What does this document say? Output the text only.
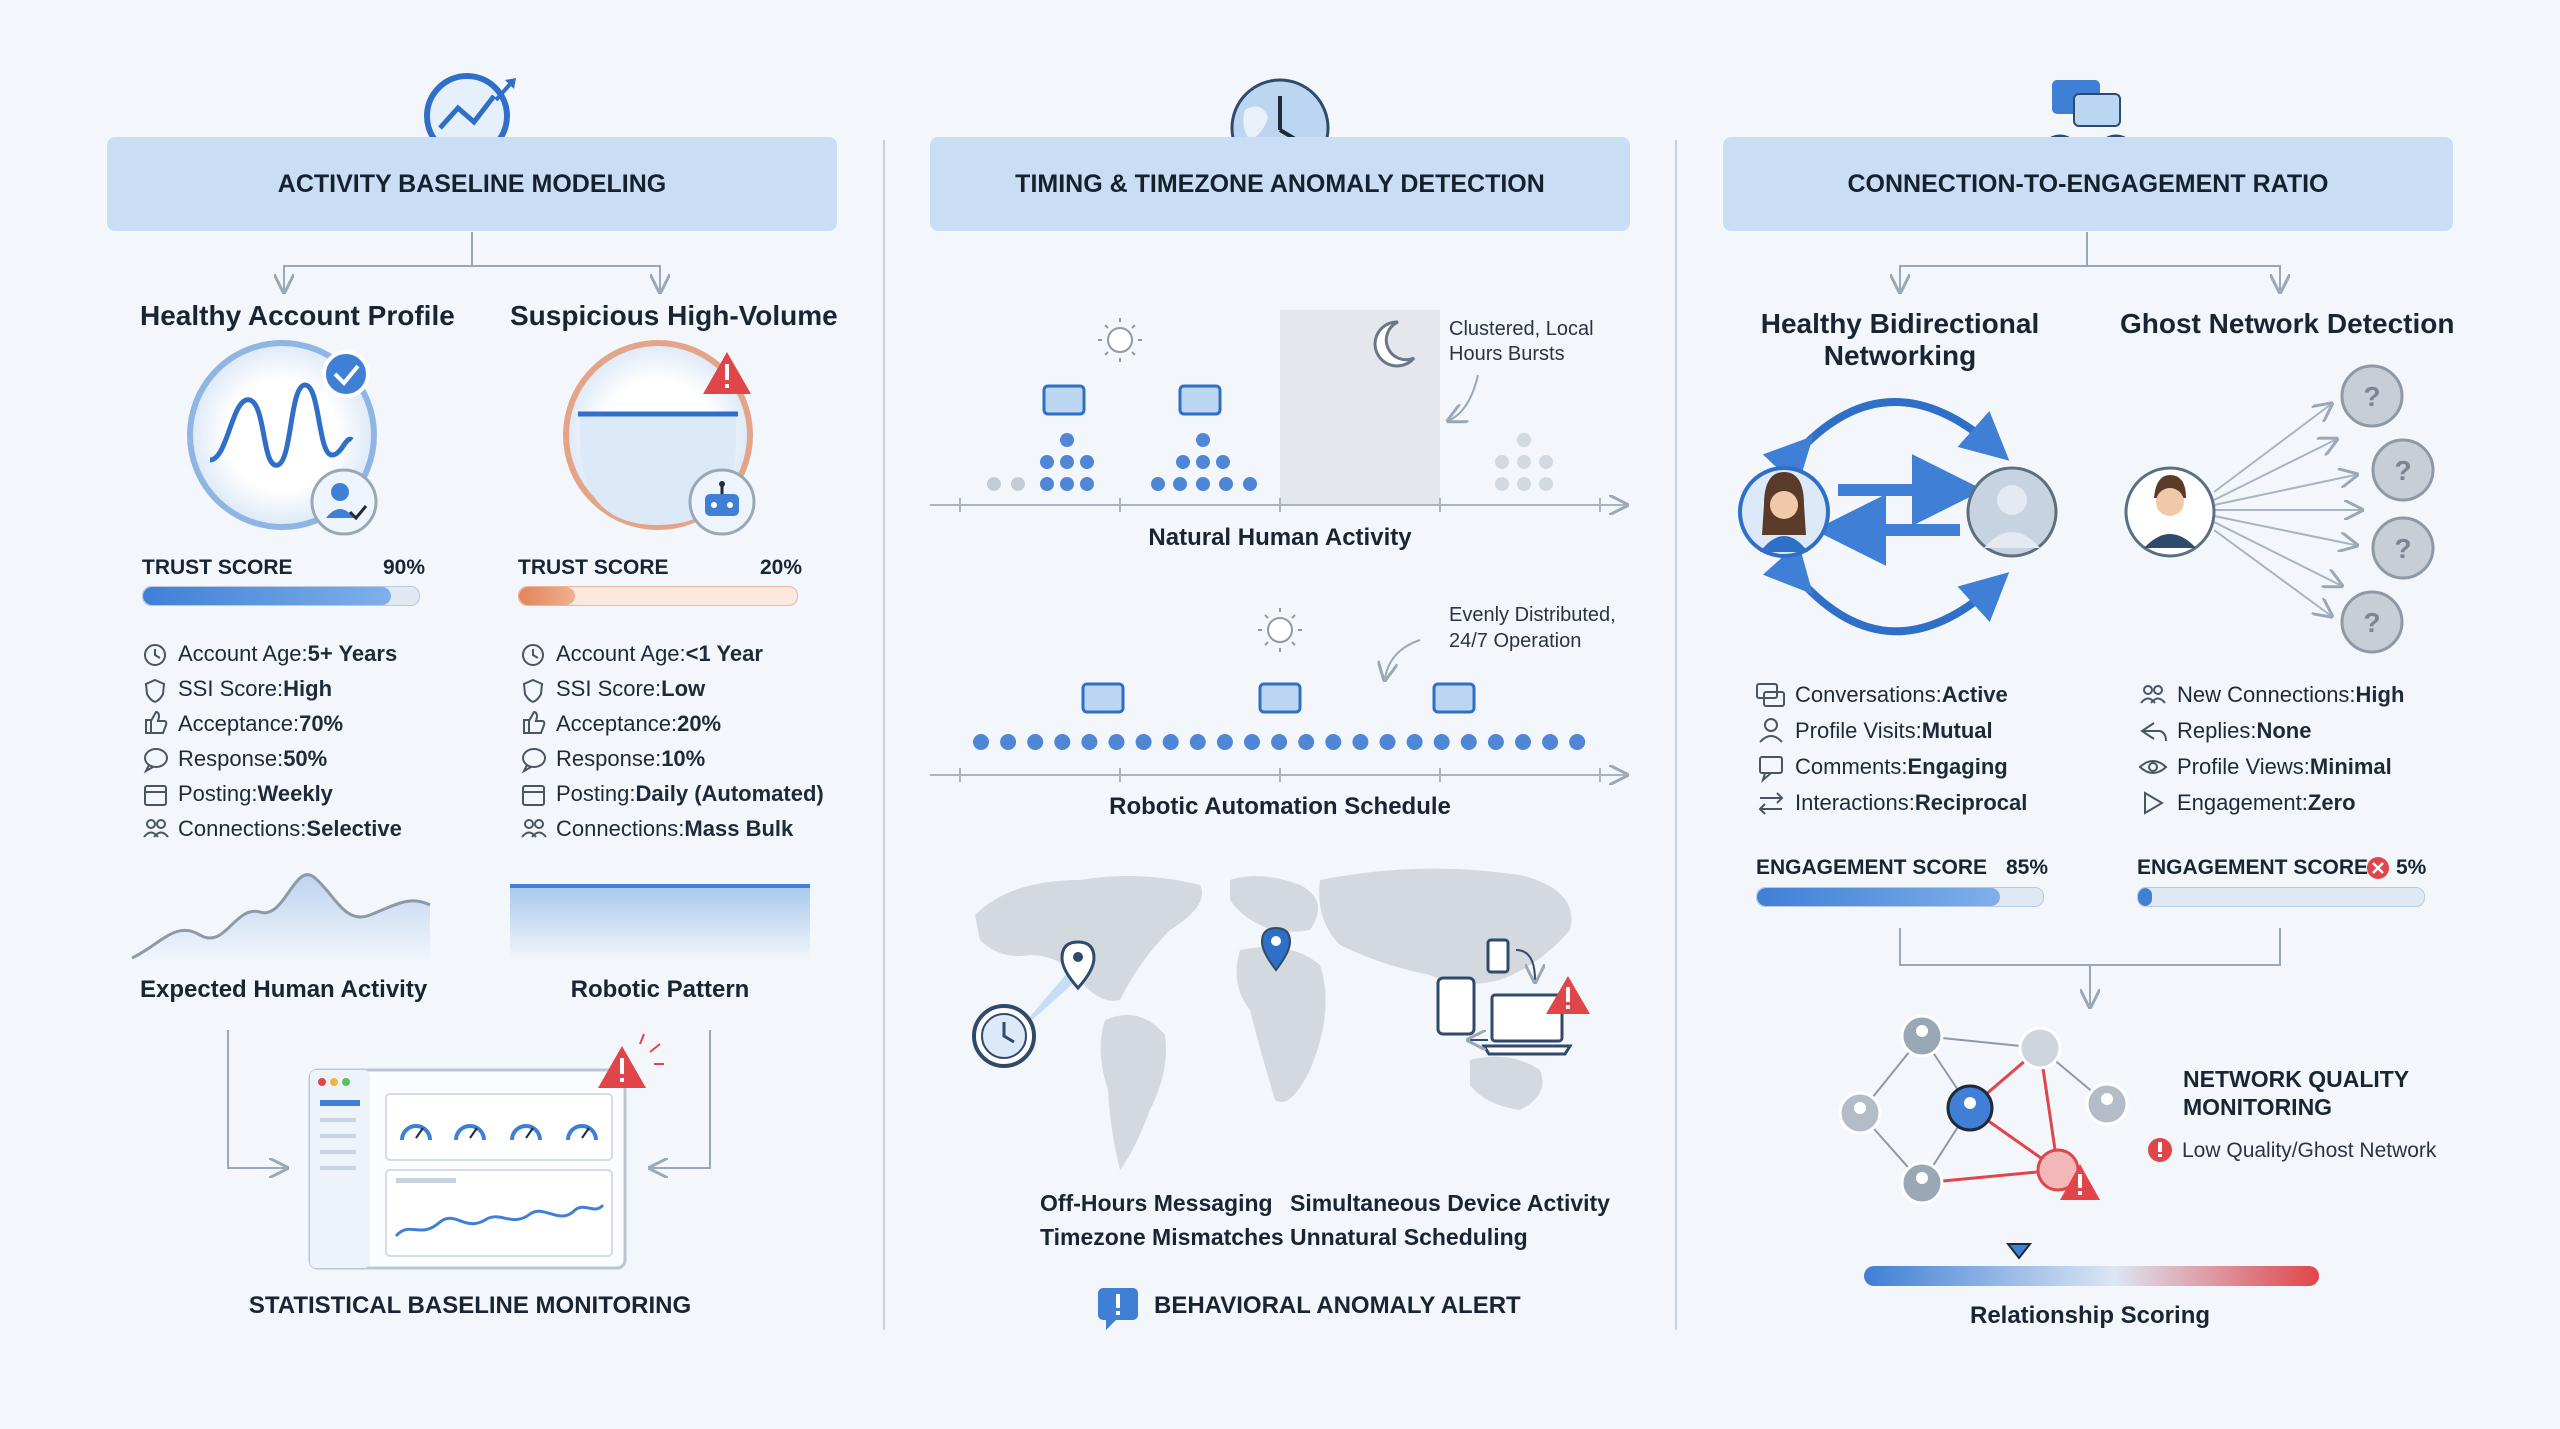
?
?
?
?
ACTIVITY BASELINE MODELING
Healthy Account Profile Suspicious High-Volume
TRUST SCORE	90%	TRUST SCORE	20%
Account Age: 5+ Years
SSI Score: High
Acceptance: 70%
Response: 50%
Posting: Weekly
Connections: Selective
Account Age: <1 Year
SSI Score: Low
Acceptance: 20%
Response: 10%
Posting: Daily (Automated)
Connections: Mass Bulk
Expected Human Activity	Robotic Pattern
STATISTICAL BASELINE MONITORING
TIMING & TIMEZONE ANOMALY DETECTION
Clustered, Local
Hours Bursts
Natural Human Activity
Evenly Distributed,
24/7 Operation
Robotic Automation Schedule
Off-Hours Messaging
Timezone Mismatches
Simultaneous Device Activity
Unnatural Scheduling
BEHAVIORAL ANOMALY ALERT
CONNECTION-TO-ENGAGEMENT RATIO
Healthy Bidirectional
Networking
Ghost Network Detection
Conversations: Active
Profile Visits: Mutual
Comments: Engaging
Interactions: Reciprocal
New Connections: High
Replies: None
Profile Views: Minimal
Engagement: Zero
ENGAGEMENT SCORE 85%	ENGAGEMENT SCORE 5%
NETWORK QUALITY
MONITORING
Low Quality/Ghost Network
Relationship Scoring
